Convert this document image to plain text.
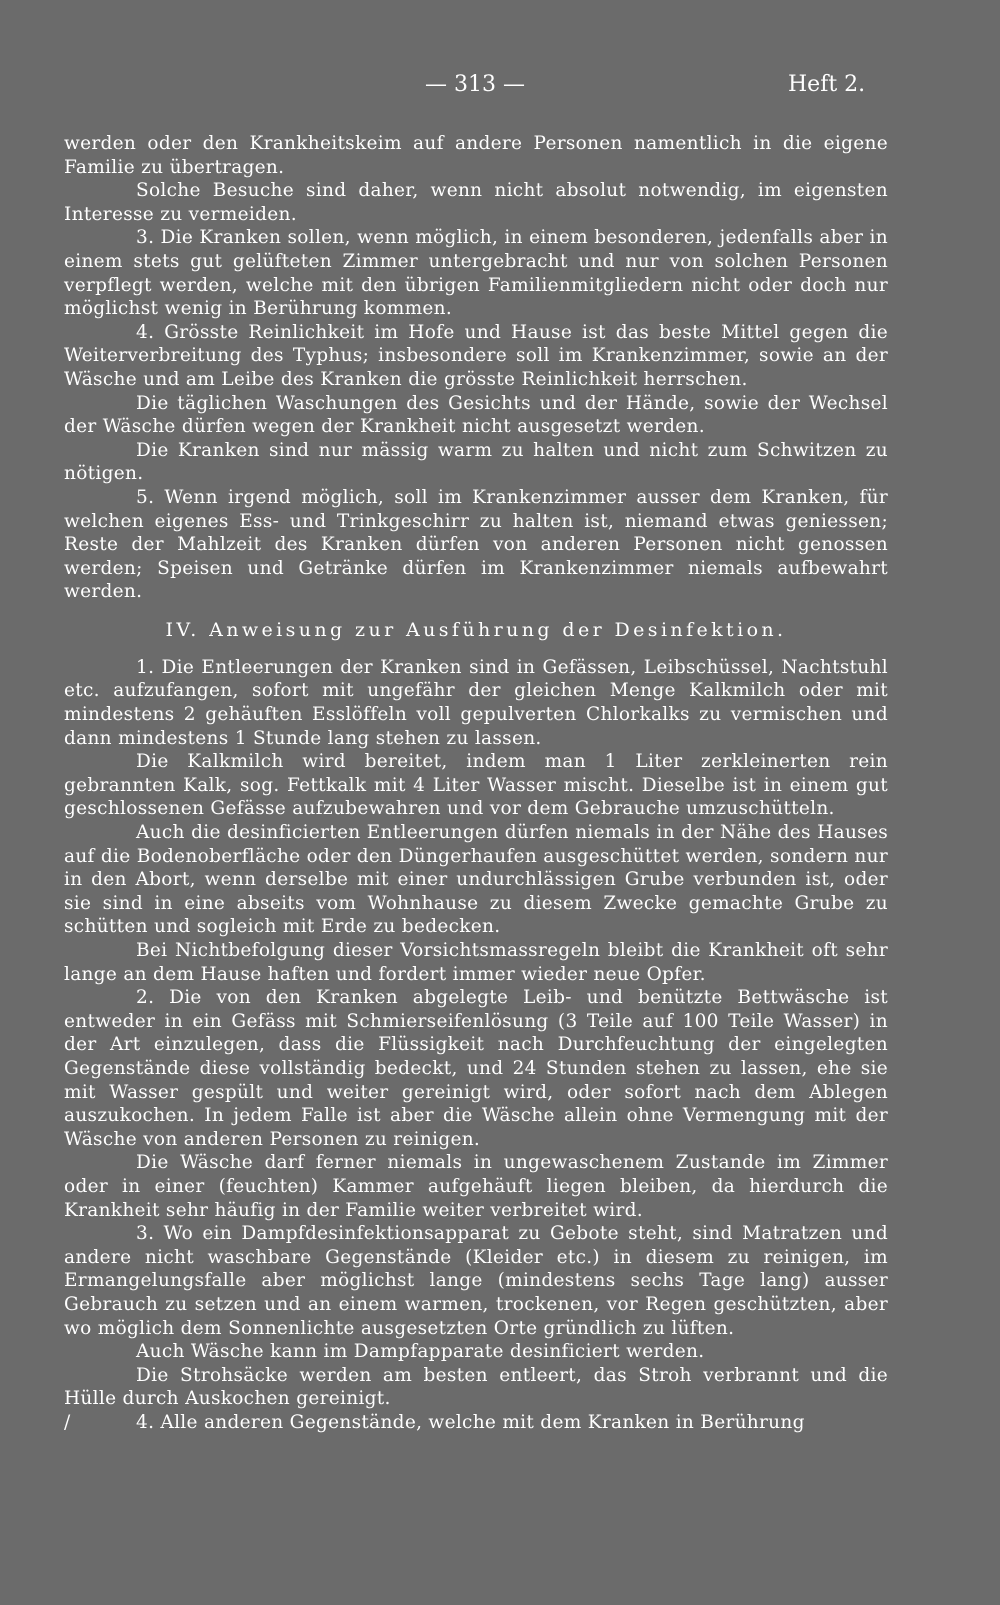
— 313 —	Heft 2.

werden oder den Krankheitskeim auf andere Personen namentlich in die eigene Familie zu übertragen.

Solche Besuche sind daher, wenn nicht absolut notwendig, im eigensten Interesse zu vermeiden.

3. Die Kranken sollen, wenn möglich, in einem besonderen, jedenfalls aber in einem stets gut gelüfteten Zimmer untergebracht und nur von solchen Personen verpflegt werden, welche mit den übrigen Familienmitgliedern nicht oder doch nur möglichst wenig in Berührung kommen.

4. Grösste Reinlichkeit im Hofe und Hause ist das beste Mittel gegen die Weiterverbreitung des Typhus; insbesondere soll im Krankenzimmer, sowie an der Wäsche und am Leibe des Kranken die grösste Reinlichkeit herrschen.

Die täglichen Waschungen des Gesichts und der Hände, sowie der Wechsel der Wäsche dürfen wegen der Krankheit nicht ausgesetzt werden.

Die Kranken sind nur mässig warm zu halten und nicht zum Schwitzen zu nötigen.

5. Wenn irgend möglich, soll im Krankenzimmer ausser dem Kranken, für welchen eigenes Ess- und Trinkgeschirr zu halten ist, niemand etwas geniessen; Reste der Mahlzeit des Kranken dürfen von anderen Personen nicht genossen werden; Speisen und Getränke dürfen im Krankenzimmer niemals aufbewahrt werden.

IV. Anweisung zur Ausführung der Desinfektion.

1. Die Entleerungen der Kranken sind in Gefässen, Leibschüssel, Nachtstuhl etc. aufzufangen, sofort mit ungefähr der gleichen Menge Kalkmilch oder mit mindestens 2 gehäuften Esslöffeln voll gepulverten Chlorkalks zu vermischen und dann mindestens 1 Stunde lang stehen zu lassen.

Die Kalkmilch wird bereitet, indem man 1 Liter zerkleinerten rein gebrannten Kalk, sog. Fettkalk mit 4 Liter Wasser mischt. Dieselbe ist in einem gut geschlossenen Gefässe aufzubewahren und vor dem Gebrauche umzuschütteln.

Auch die desinficierten Entleerungen dürfen niemals in der Nähe des Hauses auf die Bodenoberfläche oder den Düngerhaufen ausgeschüttet werden, sondern nur in den Abort, wenn derselbe mit einer undurchlässigen Grube verbunden ist, oder sie sind in eine abseits vom Wohnhause zu diesem Zwecke gemachte Grube zu schütten und sogleich mit Erde zu bedecken.

Bei Nichtbefolgung dieser Vorsichtsmassregeln bleibt die Krankheit oft sehr lange an dem Hause haften und fordert immer wieder neue Opfer.

2. Die von den Kranken abgelegte Leib- und benützte Bettwäsche ist entweder in ein Gefäss mit Schmierseifenlösung (3 Teile auf 100 Teile Wasser) in der Art einzulegen, dass die Flüssigkeit nach Durchfeuchtung der eingelegten Gegenstände diese vollständig bedeckt, und 24 Stunden stehen zu lassen, ehe sie mit Wasser gespült und weiter gereinigt wird, oder sofort nach dem Ablegen auszukochen. In jedem Falle ist aber die Wäsche allein ohne Vermengung mit der Wäsche von anderen Personen zu reinigen.

Die Wäsche darf ferner niemals in ungewaschenem Zustande im Zimmer oder in einer (feuchten) Kammer aufgehäuft liegen bleiben, da hierdurch die Krankheit sehr häufig in der Familie weiter verbreitet wird.

3. Wo ein Dampfdesinfektionsapparat zu Gebote steht, sind Matratzen und andere nicht waschbare Gegenstände (Kleider etc.) in diesem zu reinigen, im Ermangelungsfalle aber möglichst lange (mindestens sechs Tage lang) ausser Gebrauch zu setzen und an einem warmen, trockenen, vor Regen geschützten, aber wo möglich dem Sonnenlichte ausgesetzten Orte gründlich zu lüften.

Auch Wäsche kann im Dampfapparate desinficiert werden.

Die Strohsäcke werden am besten entleert, das Stroh verbrannt und die Hülle durch Auskochen gereinigt.

/	4. Alle anderen Gegenstände, welche mit dem Kranken in Berührung
